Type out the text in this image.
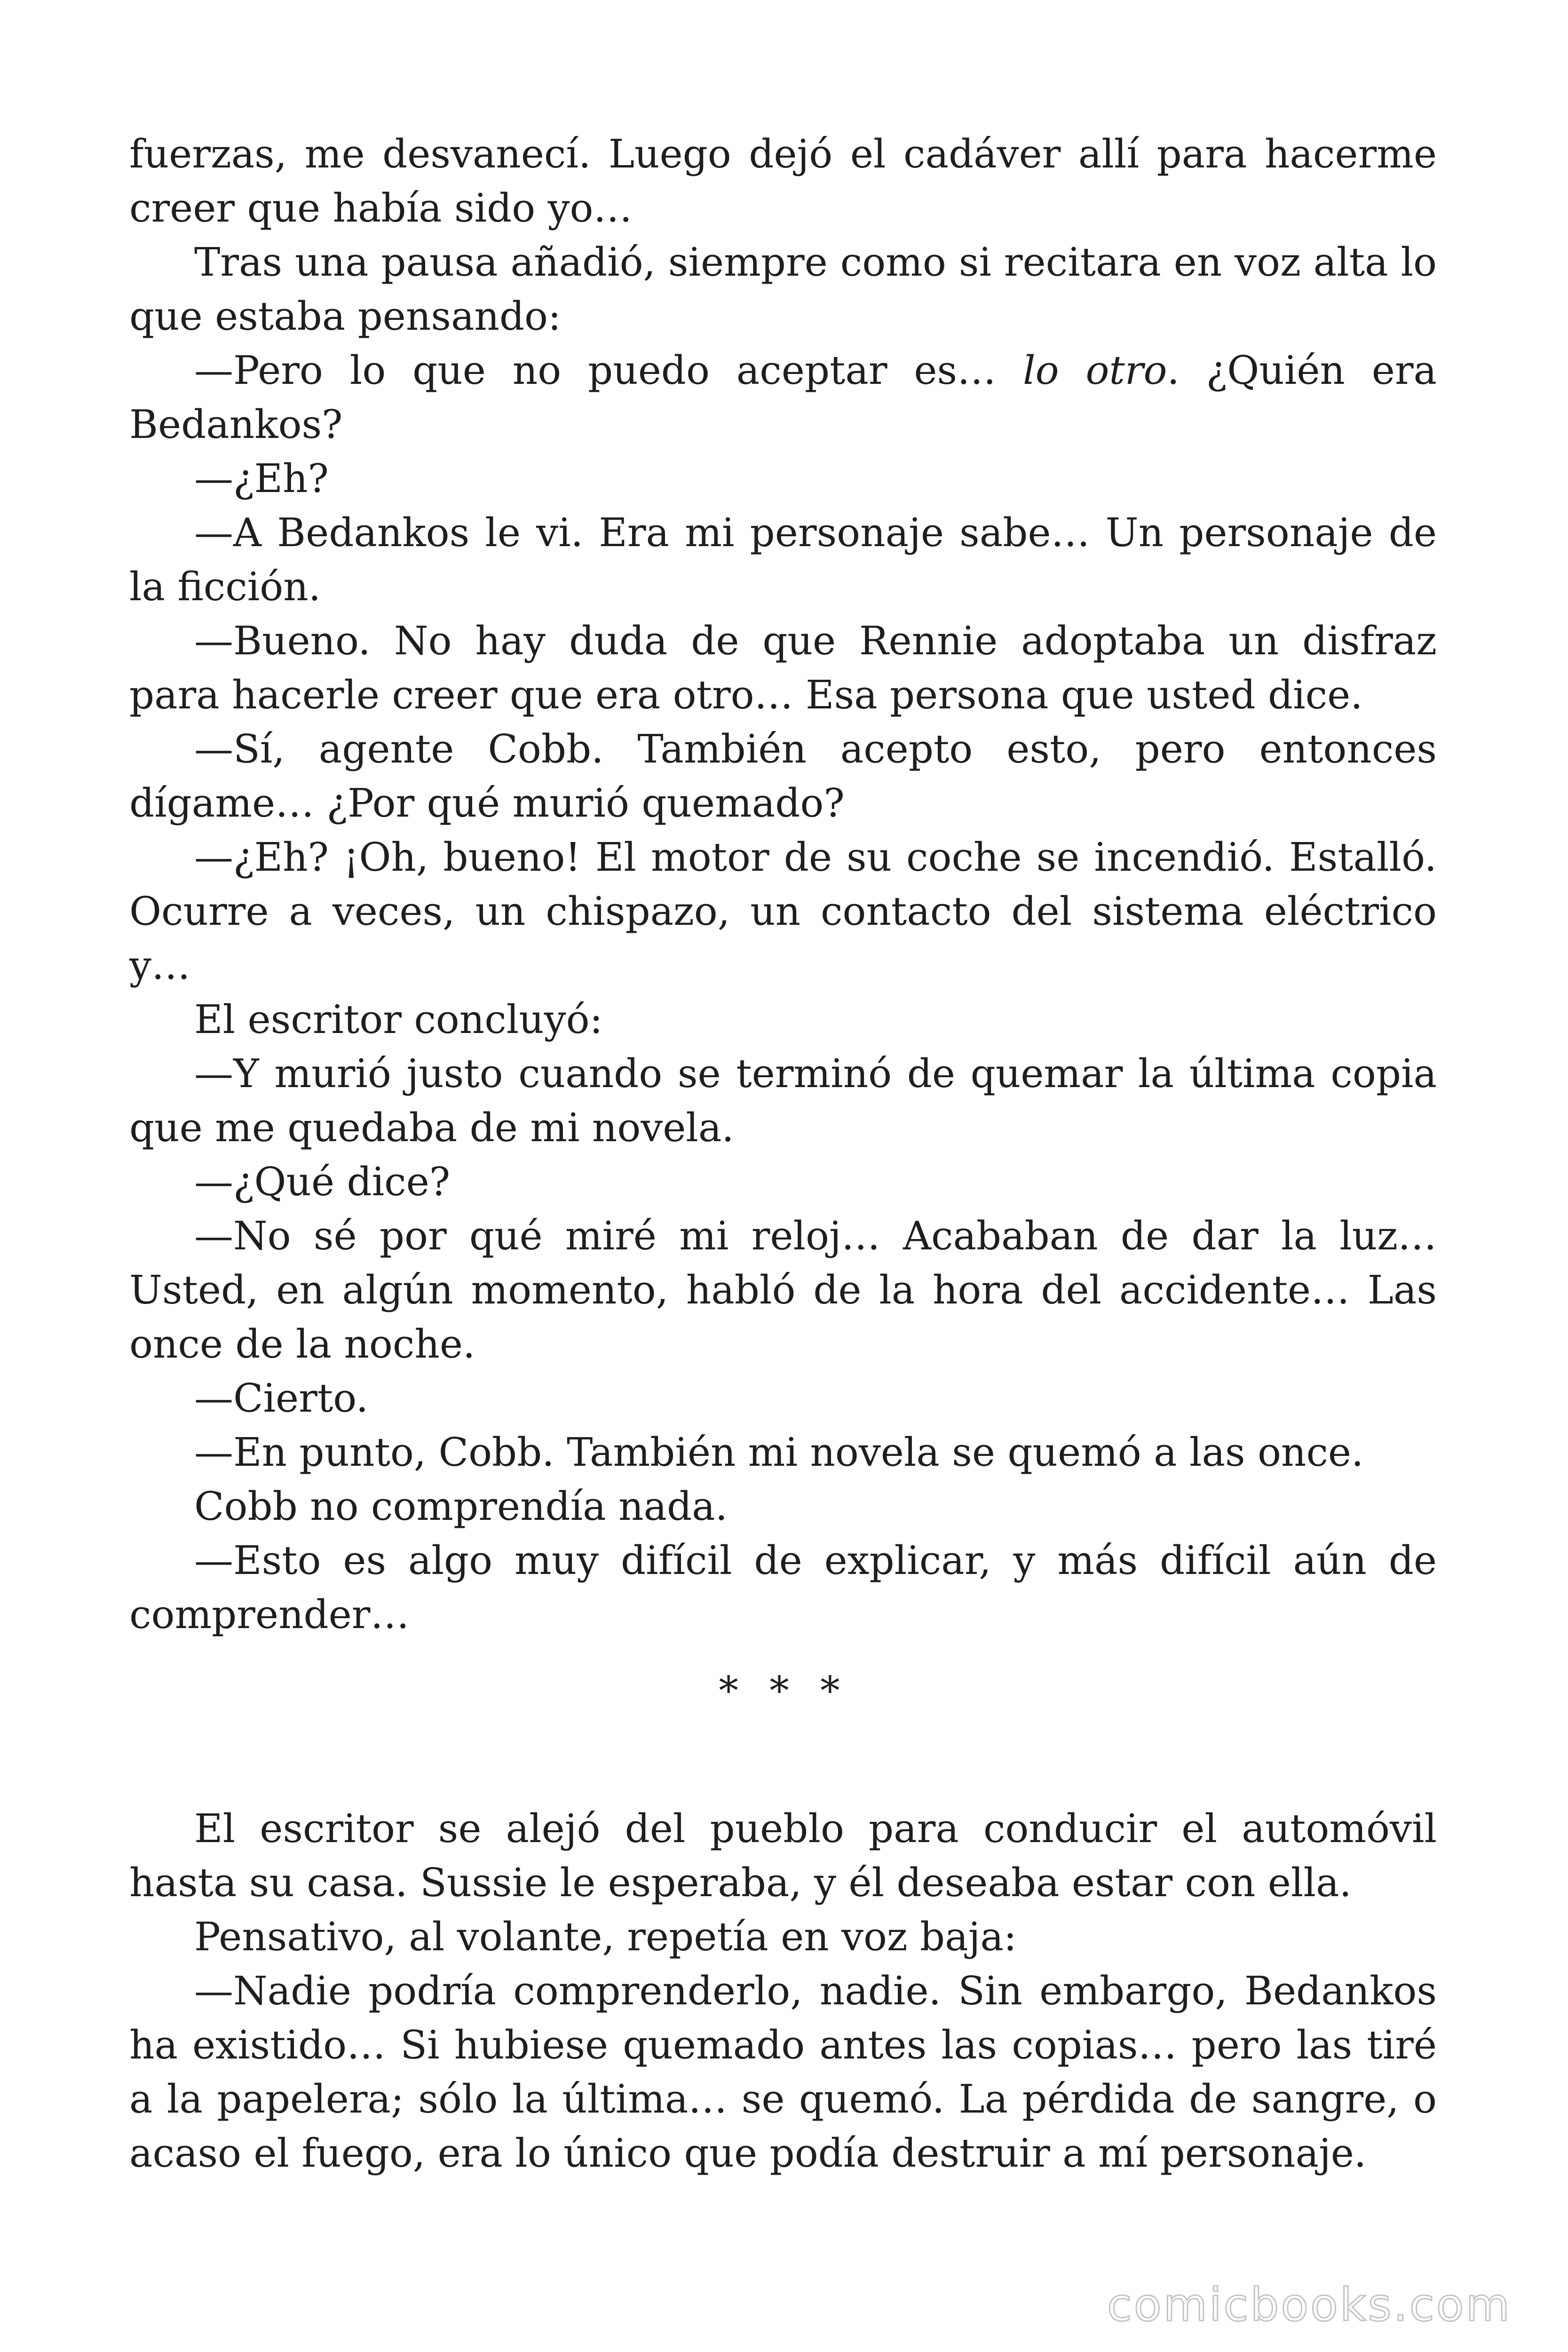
fuerzas, me desvanecí. Luego dejó el cadáver allí para hacerme creer que había sido yo…

Tras una pausa añadió, siempre como si recitara en voz alta lo que estaba pensando:

—Pero lo que no puedo aceptar es… lo otro. ¿Quién era Bedankos?

—¿Eh?

—A Bedankos le vi. Era mi personaje sabe… Un personaje de la ficción.

—Bueno. No hay duda de que Rennie adoptaba un disfraz para hacerle creer que era otro… Esa persona que usted dice.

—Sí, agente Cobb. También acepto esto, pero entonces dígame… ¿Por qué murió quemado?

—¿Eh? ¡Oh, bueno! El motor de su coche se incendió. Estalló. Ocurre a veces, un chispazo, un contacto del sistema eléctrico y…

El escritor concluyó:

—Y murió justo cuando se terminó de quemar la última copia que me quedaba de mi novela.

—¿Qué dice?

—No sé por qué miré mi reloj… Acababan de dar la luz… Usted, en algún momento, habló de la hora del accidente… Las once de la noche.

—Cierto.

—En punto, Cobb. También mi novela se quemó a las once.

Cobb no comprendía nada.

—Esto es algo muy difícil de explicar, y más difícil aún de comprender…

* * *

El escritor se alejó del pueblo para conducir el automóvil hasta su casa. Sussie le esperaba, y él deseaba estar con ella.

Pensativo, al volante, repetía en voz baja:

—Nadie podría comprenderlo, nadie. Sin embargo, Bedankos ha existido… Si hubiese quemado antes las copias… pero las tiré a la papelera; sólo la última… se quemó. La pérdida de sangre, o acaso el fuego, era lo único que podía destruir a mí personaje.

comicbooks.com
